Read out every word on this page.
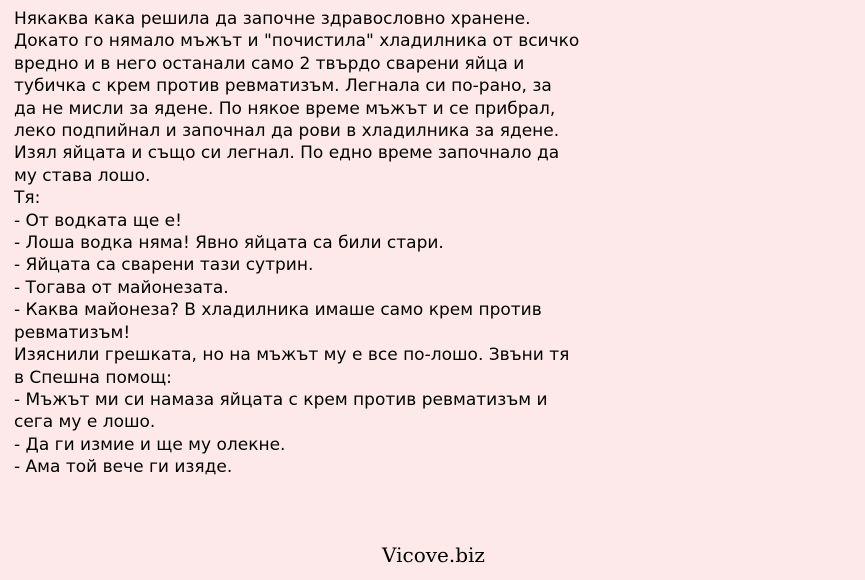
Някаква кака решила да започне здравословно хранене.
Докато го нямало мъжът и "почистила" хладилника от всичко
вредно и в него останали само 2 твърдо сварени яйца и
тубичка с крем против ревматизъм. Легнала си по-рано, за
да не мисли за ядене. По някое време мъжът и се прибрал,
леко подпийнал и започнал да рови в хладилника за ядене.
Изял яйцата и също си легнал. По едно време започнало да
му става лошо.
Тя:
- От водката ще е!
- Лоша водка няма! Явно яйцата са били стари.
- Яйцата са сварени тази сутрин.
- Тогава от майонезата.
- Каква майонеза? В хладилника имаше само крем против
ревматизъм!
Изяснили грешката, но на мъжът му е все по-лошо. Звъни тя
в Спешна помощ:
- Мъжът ми си намаза яйцата с крем против ревматизъм и
сега му е лошо.
- Да ги измие и ще му олекне.
- Ама той вече ги изяде.
Vicove.biz
